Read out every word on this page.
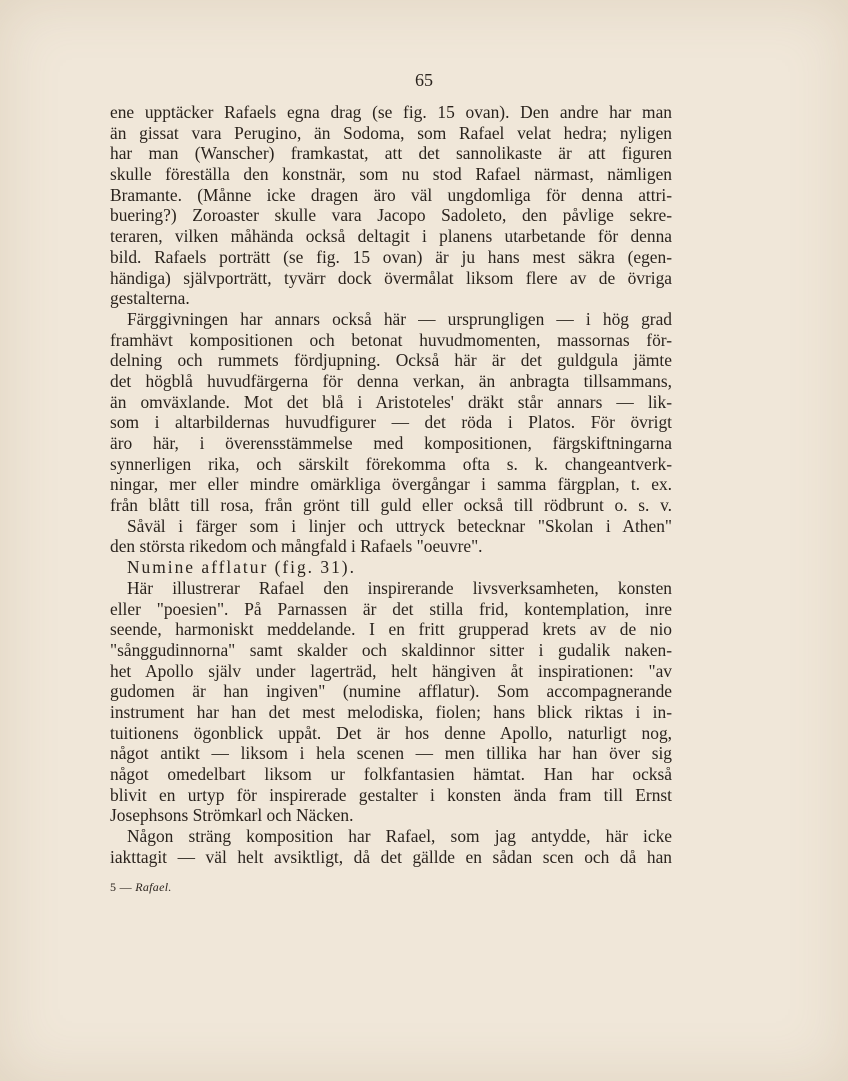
65
ene upptäcker Rafaels egna drag (se fig. 15 ovan). Den andre har man
än gissat vara Perugino, än Sodoma, som Rafael velat hedra; nyligen
har man (Wanscher) framkastat, att det sannolikaste är att figuren
skulle föreställa den konstnär, som nu stod Rafael närmast, nämligen
Bramante. (Månne icke dragen äro väl ungdomliga för denna attri-
buering?) Zoroaster skulle vara Jacopo Sadoleto, den påvlige sekre-
teraren, vilken måhända också deltagit i planens utarbetande för denna
bild. Rafaels porträtt (se fig. 15 ovan) är ju hans mest säkra (egen-
händiga) självporträtt, tyvärr dock övermålat liksom flere av de övriga
gestalterna.
Färggivningen har annars också här — ursprungligen — i hög grad
framhävt kompositionen och betonat huvudmomenten, massornas för-
delning och rummets fördjupning. Också här är det guldgula jämte
det högblå huvudfärgerna för denna verkan, än anbragta tillsammans,
än omväxlande. Mot det blå i Aristoteles' dräkt står annars — lik-
som i altarbildernas huvudfigurer — det röda i Platos. För övrigt
äro här, i överensstämmelse med kompositionen, färgskiftningarna
synnerligen rika, och särskilt förekomma ofta s. k. changeantverk-
ningar, mer eller mindre omärkliga övergångar i samma färgplan, t. ex.
från blått till rosa, från grönt till guld eller också till rödbrunt o. s. v.
Såväl i färger som i linjer och uttryck betecknar "Skolan i Athen"
den största rikedom och mångfald i Rafaels "oeuvre".
Numine afflatur (fig. 31).
Här illustrerar Rafael den inspirerande livsverksamheten, konsten
eller "poesien". På Parnassen är det stilla frid, kontemplation, inre
seende, harmoniskt meddelande. I en fritt grupperad krets av de nio
"sånggudinnorna" samt skalder och skaldinnor sitter i gudalik naken-
het Apollo själv under lagerträd, helt hängiven åt inspirationen: "av
gudomen är han ingiven" (numine afflatur). Som accompagnerande
instrument har han det mest melodiska, fiolen; hans blick riktas i in-
tuitionens ögonblick uppåt. Det är hos denne Apollo, naturligt nog,
något antikt — liksom i hela scenen — men tillika har han över sig
något omedelbart liksom ur folkfantasien hämtat. Han har också
blivit en urtyp för inspirerade gestalter i konsten ända fram till Ernst
Josephsons Strömkarl och Näcken.
Någon sträng komposition har Rafael, som jag antydde, här icke
iakttagit — väl helt avsiktligt, då det gällde en sådan scen och då han
5 — Rafael.
